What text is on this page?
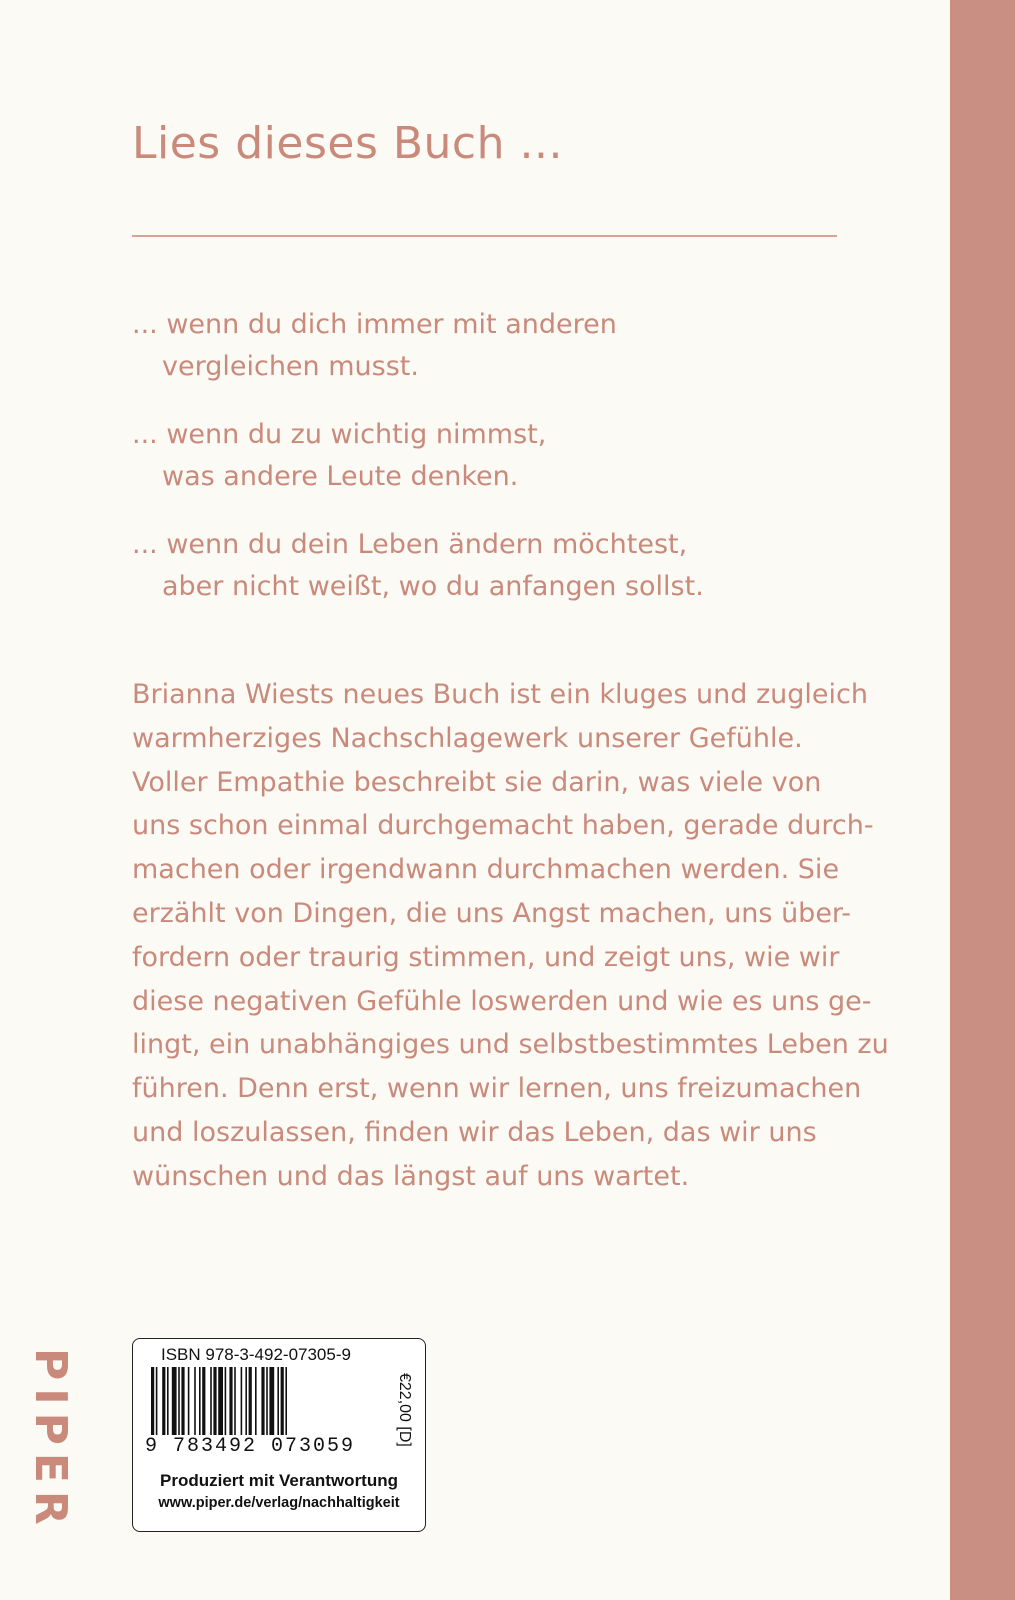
Lies dieses Buch ...
... wenn du dich immer mit anderen
vergleichen musst.
... wenn du zu wichtig nimmst,
was andere Leute denken.
... wenn du dein Leben ändern möchtest,
aber nicht weißt, wo du anfangen sollst.
Brianna Wiests neues Buch ist ein kluges und zugleich
warmherziges Nachschlagewerk unserer Gefühle.
Voller Empathie beschreibt sie darin, was viele von
uns schon einmal durchgemacht haben, gerade durch-
machen oder irgendwann durchmachen werden. Sie
erzählt von Dingen, die uns Angst machen, uns über-
fordern oder traurig stimmen, und zeigt uns, wie wir
diese negativen Gefühle loswerden und wie es uns ge-
lingt, ein unabhängiges und selbstbestimmtes Leben zu
führen. Denn erst, wenn wir lernen, uns freizumachen
und loszulassen, finden wir das Leben, das wir uns
wünschen und das längst auf uns wartet.
PIPER	ISBN 978-3-492-07305-9
9 783492 073059	€22,00 [D]
Produziert mit Verantwortung
www.piper.de/verlag/nachhaltigkeit
